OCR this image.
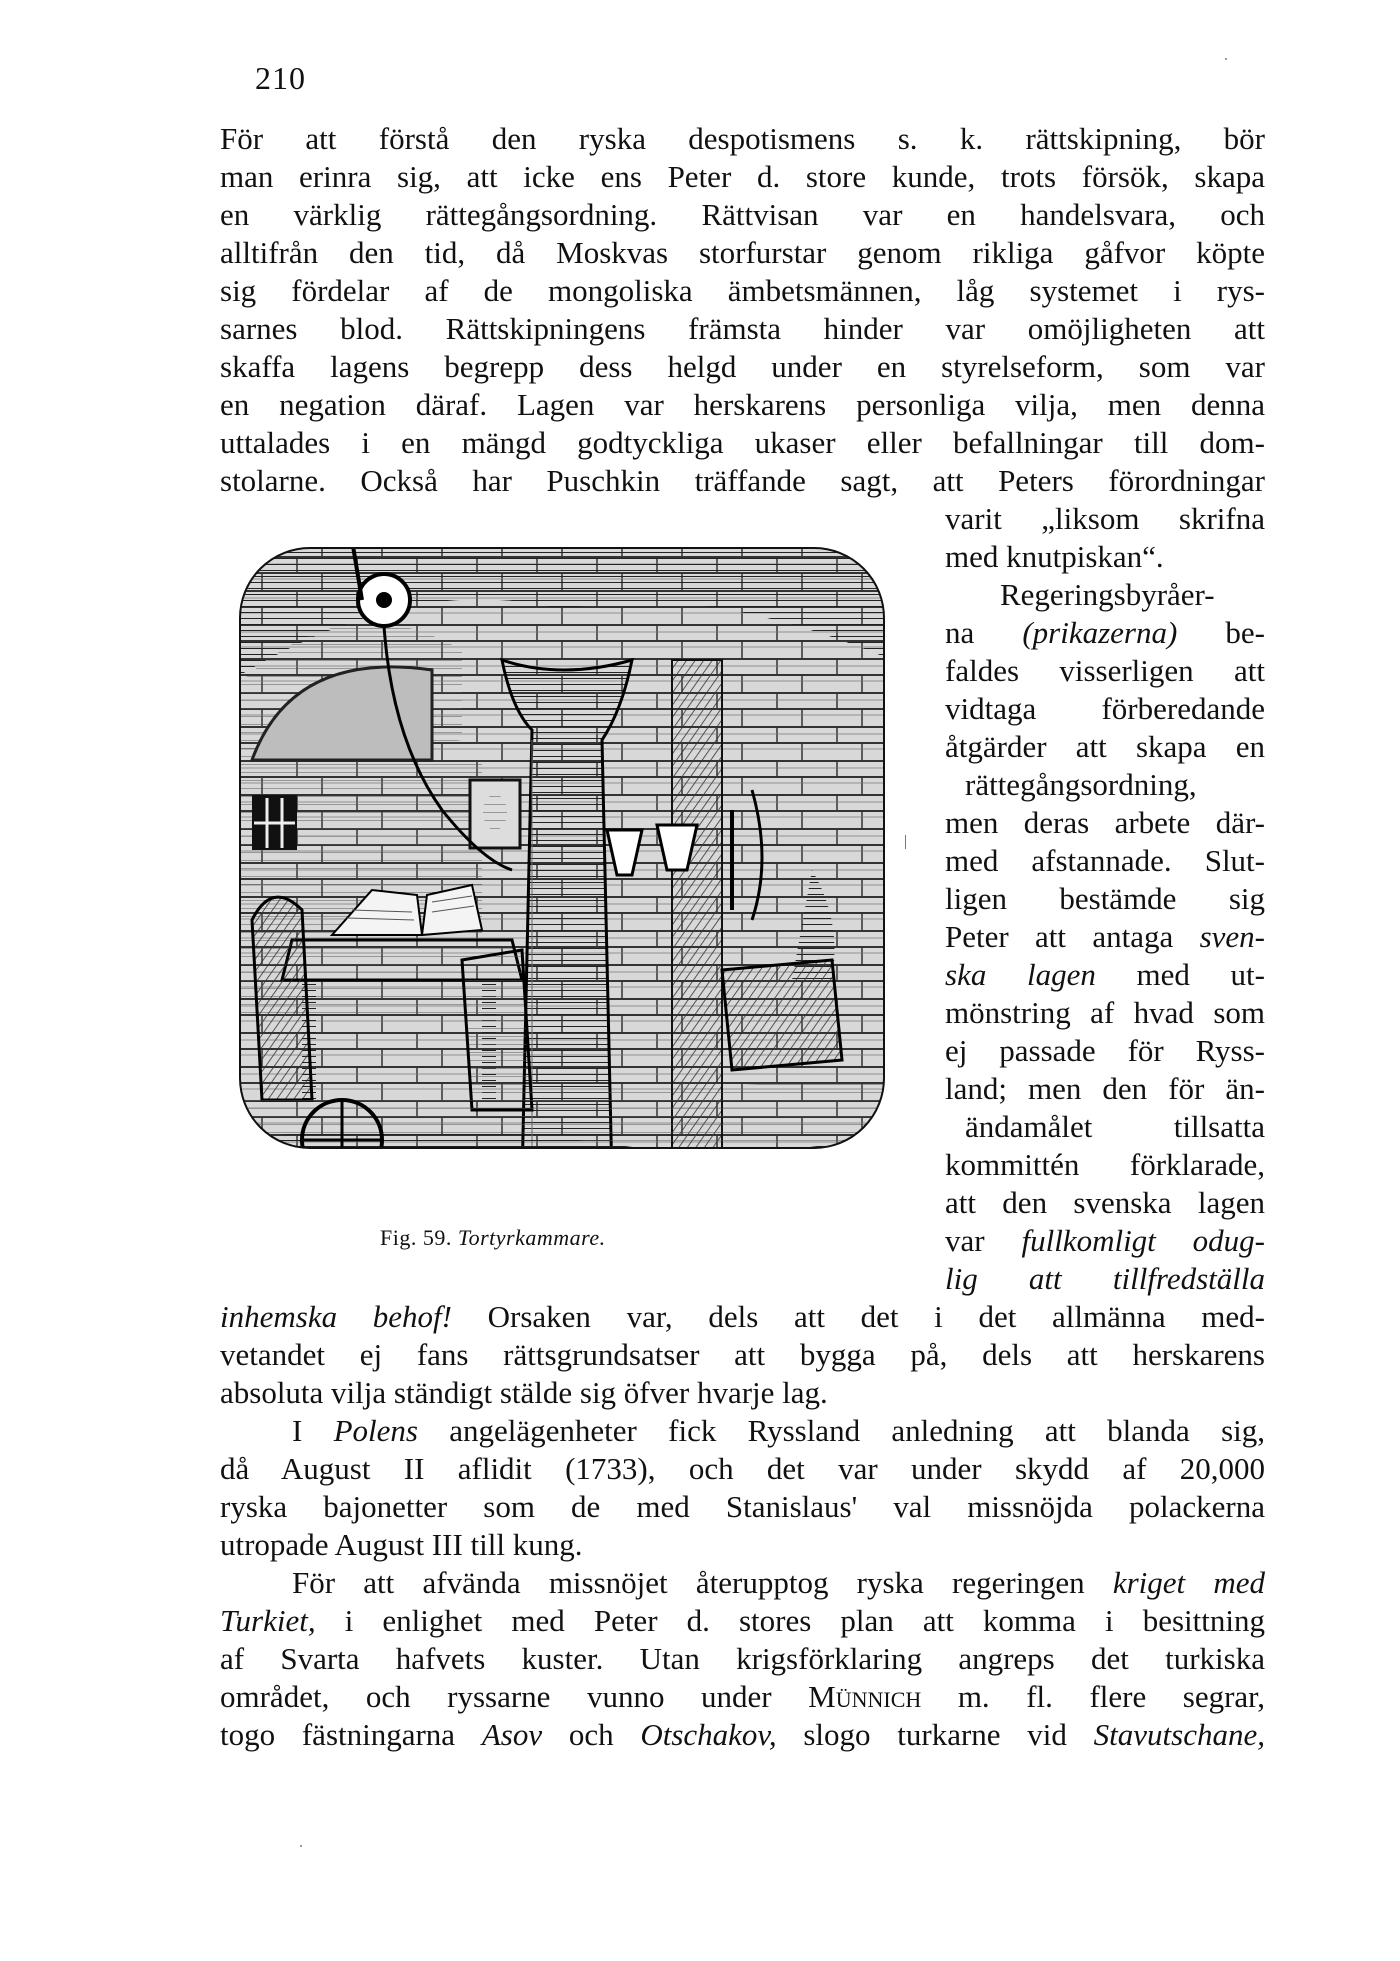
210
För att förstå den ryska despotismens s. k. rättskipning, bör
man erinra sig, att icke ens Peter d. store kunde, trots försök, skapa
en värklig rättegångsordning. Rättvisan var en handelsvara, och
alltifrån den tid, då Moskvas storfurstar genom rikliga gåfvor köpte
sig fördelar af de mongoliska ämbetsmännen, låg systemet i rys-
sarnes blod. Rättskipningens främsta hinder var omöjligheten att
skaffa lagens begrepp dess helgd under en styrelseform, som var
en negation däraf. Lagen var herskarens personliga vilja, men denna
uttalades i en mängd godtyckliga ukaser eller befallningar till dom-
stolarne. Också har Puschkin träffande sagt, att Peters förordningar
varit „liksom skrifna
med knutpiskan“.
Regeringsbyråer-
na (prikazerna) be-
faldes visserligen att
vidtaga förberedande
åtgärder att skapa en
rättegångsordning,
men deras arbete där-
med afstannade. Slut-
ligen bestämde sig
Peter att antaga sven-
ska lagen med ut-
mönstring af hvad som
ej passade för Ryss-
land; men den för än-
ändamålet tillsatta
kommittén förklarade,
att den svenska lagen
var fullkomligt odug-
lig att tillfredställa
inhemska behof! Orsaken var, dels att det i det allmänna med-
vetandet ej fans rättsgrundsatser att bygga på, dels att herskarens
absoluta vilja ständigt stälde sig öfver hvarje lag.
I Polens angelägenheter fick Ryssland anledning att blanda sig,
då August II aflidit (1733), och det var under skydd af 20,000
ryska bajonetter som de med Stanislaus' val missnöjda polackerna
utropade August III till kung.
För att afvända missnöjet återupptog ryska regeringen kriget med
Turkiet, i enlighet med Peter d. stores plan att komma i besittning
af Svarta hafvets kuster. Utan krigsförklaring angreps det turkiska
området, och ryssarne vunno under Münnich m. fl. flere segrar,
togo fästningarna Asov och Otschakov, slogo turkarne vid Stavutschane,
Fig. 59. Tortyrkammare.
